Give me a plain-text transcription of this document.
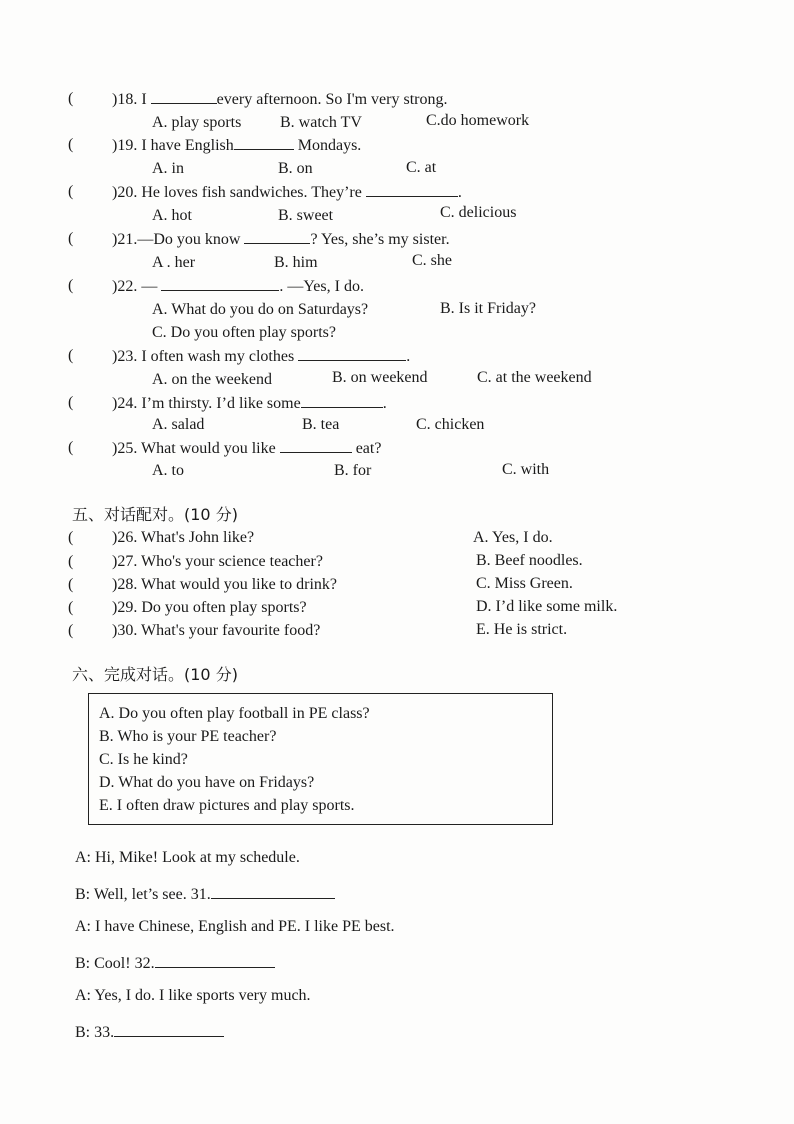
( )18. I	every afternoon. So I'm very strong.
A. play sports B. watch TV	C.do homework
( )19. I have English	Mondays.
A. in	B. on	C. at
( )20. He loves fish sandwiches. They’re	.
A. hot	B. sweet	C. delicious
( )21.—Do you know	? Yes, she’s my sister.
A . her	B. him	C. she
( )22. —	. —Yes, I do.
A. What do you do on Saturdays?	B. Is it Friday?
C. Do you often play sports?
( )23. I often wash my clothes	.
A. on the weekend	B. on weekend	C. at the weekend
( )24. I’m thirsty. I’d like some	.
A. salad	B. tea	C. chicken
( )25. What would you like	eat?
A. to	B. for	C. with
五、对话配对。(10 分)
( )26. What's John like?	A. Yes, I do.
( )27. Who's your science teacher?	B. Beef noodles.
( )28. What would you like to drink?	C. Miss Green.
( )29. Do you often play sports?	D. I’d like some milk.
( )30. What's your favourite food?	E. He is strict.
六、完成对话。(10 分)
A. Do you often play football in PE class?
B. Who is your PE teacher?
C. Is he kind?
D. What do you have on Fridays?
E. I often draw pictures and play sports.
A: Hi, Mike! Look at my schedule.
B: Well, let’s see. 31.
A: I have Chinese, English and PE. I like PE best.
B: Cool! 32.
A: Yes, I do. I like sports very much.
B: 33.
